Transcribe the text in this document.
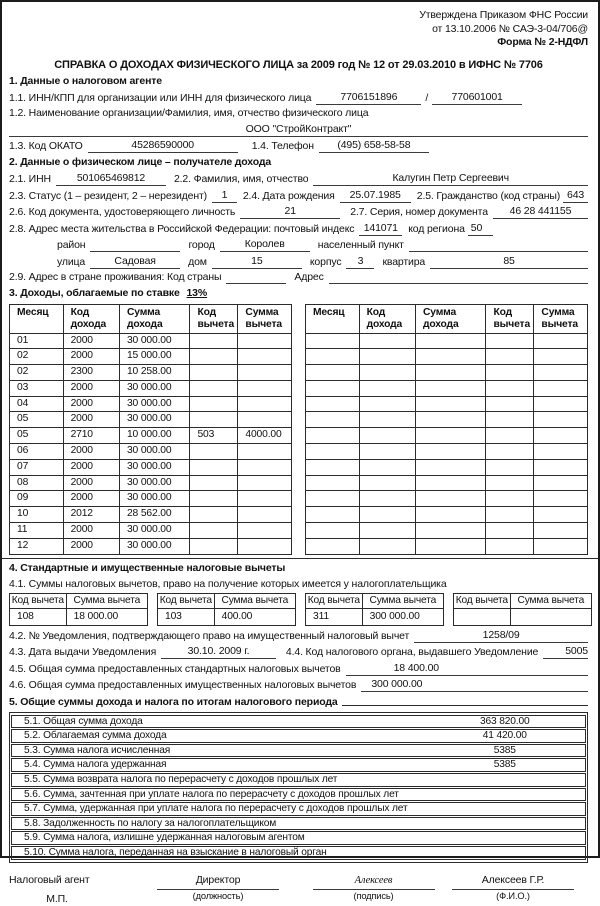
Утверждена Приказом ФНС России
от 13.10.2006 № САЭ-3-04/706@
Форма № 2-НДФЛ
СПРАВКА О ДОХОДАХ ФИЗИЧЕСКОГО ЛИЦА за 2009 год № 12 от 29.03.2010 в ИФНС № 7706
1. Данные о налоговом агенте
1.1. ИНН/КПП для организации или ИНН для физического лица	7706151896	/	770601001
1.2. Наименование организации/Фамилия, имя, отчество физического лица
ООО "СтройКонтракт"
1.3. Код ОКАТО	45286590000	1.4. Телефон	(495) 658-58-58
2. Данные о физическом лице – получателе дохода
2.1. ИНН	501065469812	2.2. Фамилия, имя, отчество	Калугин Петр Сергеевич
2.3. Статус (1 – резидент, 2 – нерезидент)	1	2.4. Дата рождения	25.07.1985	2.5. Гражданство (код страны) 643
2.6. Код документа, удостоверяющего личность	21	2.7. Серия, номер документа	46 28 441155
2.8. Адрес места жительства в Российской Федерации: почтовый индекс 141071 код региона 50
район	город	Королев	населенный пункт
улица	Садовая	дом	15	корпус	3	квартира	85
2.9. Адрес в стране проживания: Код страны	Адрес
3. Доходы, облагаемые по ставке 13%
Месяц	Код дохода	Сумма дохода	Код вычета	Сумма вычета
01	2000	30 000.00		
02	2000	15 000.00		
02	2300	10 258.00		
03	2000	30 000.00		
04	2000	30 000.00		
05	2000	30 000.00		
05	2710	10 000.00	503	4000.00
06	2000	30 000.00		
07	2000	30 000.00		
08	2000	30 000.00		
09	2000	30 000.00		
10	2012	28 562.00		
11	2000	30 000.00		
12	2000	30 000.00		
Месяц	Код дохода	Сумма дохода	Код вычета	Сумма вычета

4. Стандартные и имущественные налоговые вычеты
4.1. Суммы налоговых вычетов, право на получение которых имеется у налогоплательщика
Код вычета	Сумма вычета
108	18 000.00
Код вычета	Сумма вычета
103	400.00
Код вычета	Сумма вычета
311	300 000.00
Код вычета	Сумма вычета

4.2. № Уведомления, подтверждающего право на имущественный налоговый вычет	1258/09
4.3. Дата выдачи Уведомления	30.10. 2009 г.	4.4. Код налогового органа, выдавшего Уведомление	5005
4.5. Общая сумма предоставленных стандартных налоговых вычетов	18 400.00
4.6. Общая сумма предоставленных имущественных налоговых вычетов	300 000.00
5. Общие суммы дохода и налога по итогам налогового периода
5.1. Общая сумма дохода	363 820.00
5.2. Облагаемая сумма дохода	41 420.00
5.3. Сумма налога исчисленная	5385
5.4. Сумма налога удержанная	5385
5.5. Сумма возврата налога по перерасчету с доходов прошлых лет
5.6. Сумма, зачтенная при уплате налога по перерасчету с доходов прошлых лет
5.7. Сумма, удержанная при уплате налога по перерасчету с доходов прошлых лет
5.8. Задолженность по налогу за налогоплательщиком
5.9. Сумма налога, излишне удержанная налоговым агентом
5.10. Сумма налога, переданная на взыскание в налоговый орган
Налоговый агент
М.П.
Директор
(должность)
Алексеев
(подпись)
Алексеев Г.Р.
(Ф.И.О.)
